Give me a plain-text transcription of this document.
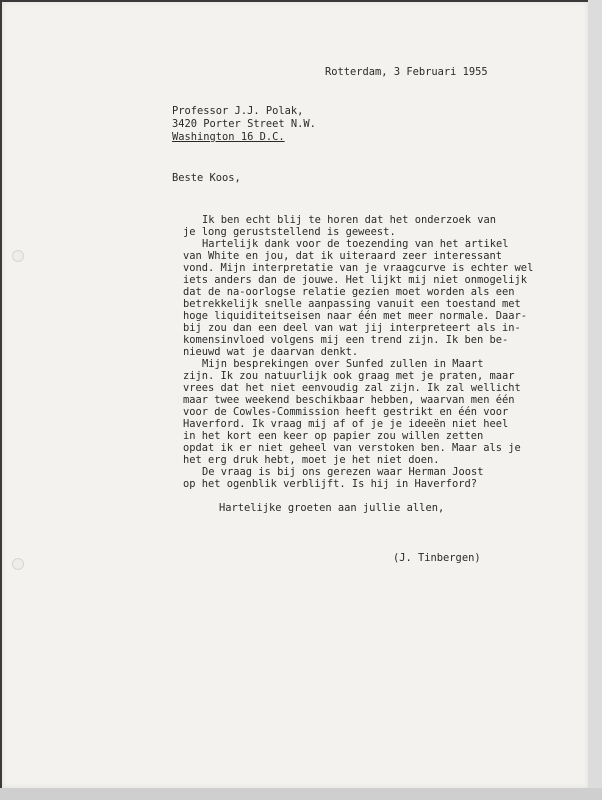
Rotterdam, 3 Februari 1955
Professor J.J. Polak,
3420 Porter Street N.W.
Washington 16 D.C.
Beste Koos,
Ik ben echt blij te horen dat het onderzoek van
je long geruststellend is geweest.
Hartelijk dank voor de toezending van het artikel
van White en jou, dat ik uiteraard zeer interessant
vond. Mijn interpretatie van je vraagcurve is echter wel
iets anders dan de jouwe. Het lijkt mij niet onmogelijk
dat de na-oorlogse relatie gezien moet worden als een
betrekkelijk snelle aanpassing vanuit een toestand met
hoge liquiditeitseisen naar één met meer normale. Daar-
bij zou dan een deel van wat jij interpreteert als in-
komensinvloed volgens mij een trend zijn. Ik ben be-
nieuwd wat je daarvan denkt.
Mijn besprekingen over Sunfed zullen in Maart
zijn. Ik zou natuurlijk ook graag met je praten, maar
vrees dat het niet eenvoudig zal zijn. Ik zal wellicht
maar twee weekend beschikbaar hebben, waarvan men één
voor de Cowles-Commission heeft gestrikt en één voor
Haverford. Ik vraag mij af of je je ideeën niet heel
in het kort een keer op papier zou willen zetten
opdat ik er niet geheel van verstoken ben. Maar als je
het erg druk hebt, moet je het niet doen.
De vraag is bij ons gerezen waar Herman Joost
op het ogenblik verblijft. Is hij in Haverford?
Hartelijke groeten aan jullie allen,
(J. Tinbergen)
